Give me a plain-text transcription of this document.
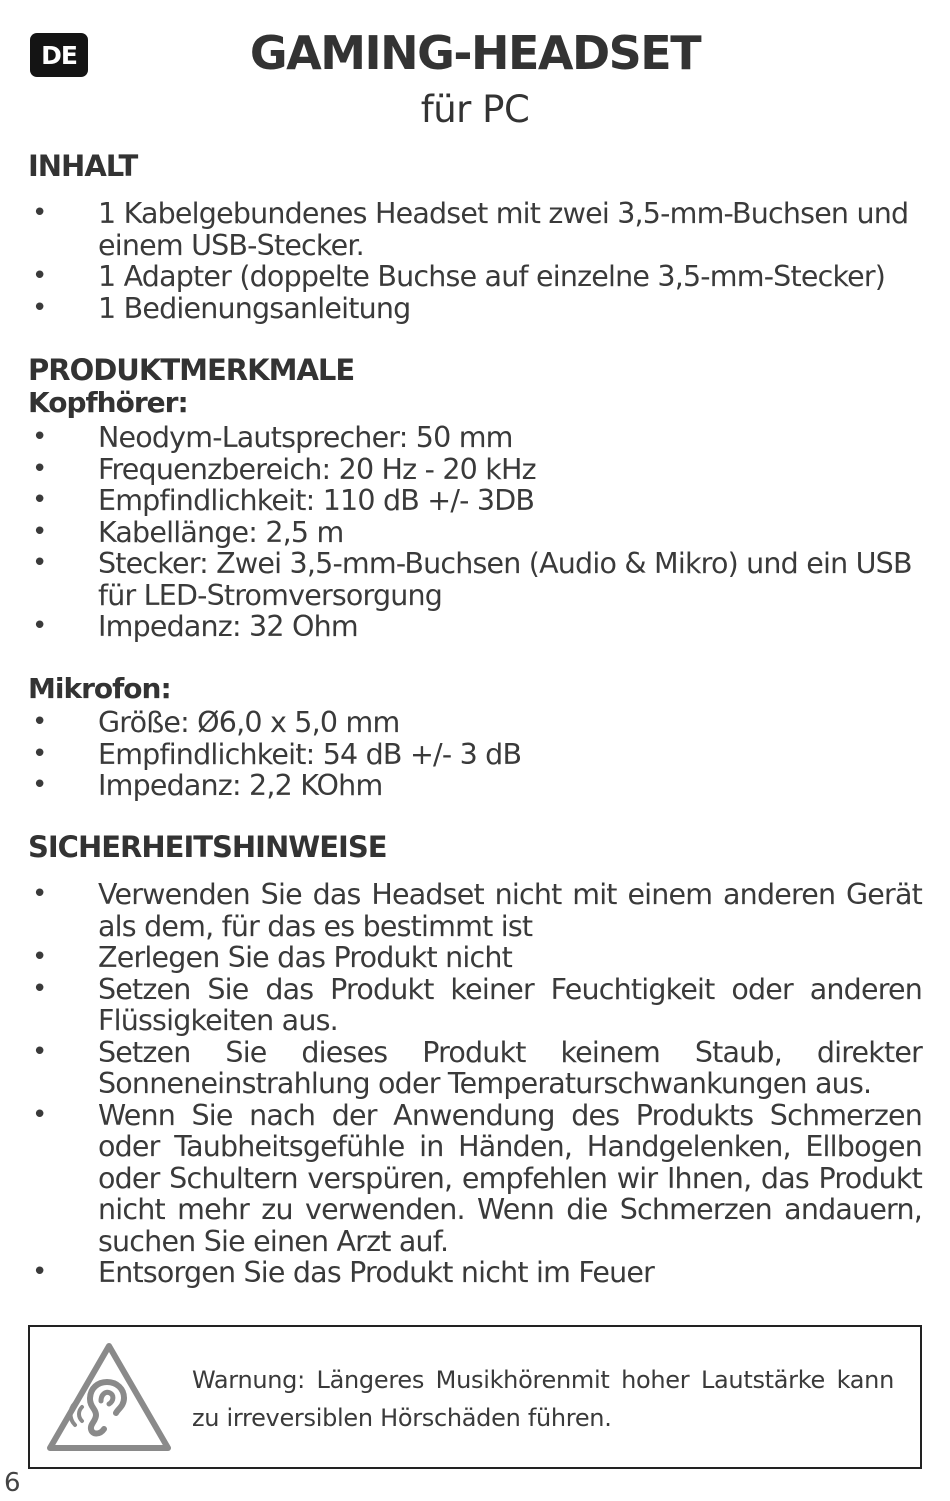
DE	GAMING-HEADSET
für PC
INHALT
• 1 Kabelgebundenes Headset mit zwei 3,5-mm-Buchsen und einem USB-Stecker.
• 1 Adapter (doppelte Buchse auf einzelne 3,5-mm-Stecker)
• 1 Bedienungsanleitung
PRODUKTMERKMALE
Kopfhörer:
• Neodym-Lautsprecher: 50 mm
• Frequenzbereich: 20 Hz - 20 kHz
• Empfindlichkeit: 110 dB +/- 3DB
• Kabellänge: 2,5 m
• Stecker: Zwei 3,5-mm-Buchsen (Audio & Mikro) und ein USB für LED-Stromversorgung
• Impedanz: 32 Ohm
Mikrofon:
• Größe: Ø6,0 x 5,0 mm
• Empfindlichkeit: 54 dB +/- 3 dB
• Impedanz: 2,2 KOhm
SICHERHEITSHINWEISE
• Verwenden Sie das Headset nicht mit einem anderen Gerät als dem, für das es bestimmt ist
• Zerlegen Sie das Produkt nicht
• Setzen Sie das Produkt keiner Feuchtigkeit oder anderen Flüssigkeiten aus.
• Setzen Sie dieses Produkt keinem Staub, direkter Sonneneinstrahlung oder Temperaturschwankungen aus.
• Wenn Sie nach der Anwendung des Produkts Schmerzen oder Taubheitsgefühle in Händen, Handgelenken, Ellbogen oder Schultern verspüren, empfehlen wir Ihnen, das Produkt nicht mehr zu verwenden. Wenn die Schmerzen andauern, suchen Sie einen Arzt auf.
• Entsorgen Sie das Produkt nicht im Feuer
Warnung: Längeres Musikhörenmit hoher Lautstärke kann zu irreversiblen Hörschäden führen.
6
